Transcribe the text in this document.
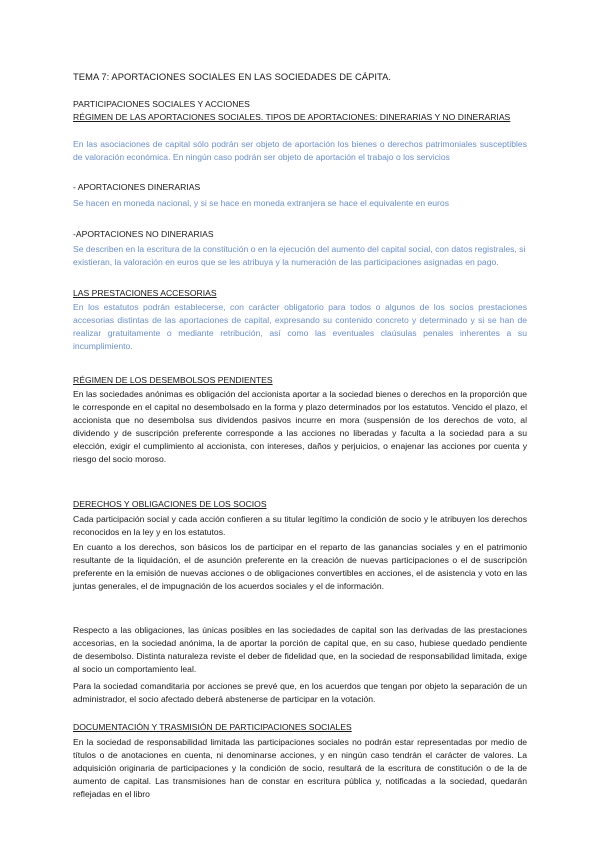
TEMA 7: APORTACIONES SOCIALES EN LAS SOCIEDADES DE CÁPITA.
PARTICIPACIONES SOCIALES Y ACCIONES
RÉGIMEN DE LAS APORTACIONES SOCIALES. TIPOS DE APORTACIONES: DINERARIAS Y NO DINERARIAS
En las asociaciones de capital sólo podrán ser objeto de aportación los bienes o derechos patrimoniales susceptibles de valoración económica. En ningún caso podrán ser objeto de aportación el trabajo o los servicios
- APORTACIONES DINERARIAS
Se hacen en moneda nacional, y si se hace en moneda extranjera se hace el equivalente en euros
-APORTACIONES NO DINERARIAS
Se describen en la escritura de la constitución o en la ejecución del aumento del capital social, con datos registrales, si existieran, la valoración en euros que se les atribuya y la numeración de las participaciones asignadas en pago.
LAS PRESTACIONES ACCESORIAS
En los estatutos podrán establecerse, con carácter obligatorio para todos o algunos de los socios prestaciones accesorias distintas de las aportaciones de capital, expresando su contenido concreto y determinado y si se han de realizar gratuitamente o mediante retribución, así como las eventuales claúsulas penales inherentes a su incumplimiento.
RÉGIMEN DE LOS DESEMBOLSOS PENDIENTES
En las sociedades anónimas es obligación del accionista aportar a la sociedad bienes o derechos en la proporción que le corresponde en el capital no desembolsado en la forma y plazo determinados por los estatutos. Vencido el plazo, el accionista que no desembolsa sus dividendos pasivos incurre en mora (suspensión de los derechos de voto, al dividendo y de suscripción preferente corresponde a las acciones no liberadas y faculta a la sociedad para a su elección, exigir el cumplimiento al accionista, con intereses, daños y perjuicios, o enajenar las acciones por cuenta y riesgo del socio moroso.
DERECHOS Y OBLIGACIONES DE LOS SOCIOS
Cada participación social y cada acción confieren a su titular legítimo la condición de socio y le atribuyen los derechos reconocidos en la ley y en los estatutos.
En cuanto a los derechos, son básicos los de participar en el reparto de las ganancias sociales y en el patrimonio resultante de la liquidación, el de asunción preferente en la creación de nuevas participaciones o el de suscripción preferente en la emisión de nuevas acciones o de obligaciones convertibles en acciones, el de asistencia y voto en las juntas generales, el de impugnación de los acuerdos sociales y el de información.
Respecto a las obligaciones, las únicas posibles en las sociedades de capital son las derivadas de las prestaciones accesorias, en la sociedad anónima, la de aportar la porción de capital que, en su caso, hubiese quedado pendiente de desembolso. Distinta naturaleza reviste el deber de fidelidad que, en la sociedad de responsabilidad limitada, exige al socio un comportamiento leal.
Para la sociedad comanditaria por acciones se prevé que, en los acuerdos que tengan por objeto la separación de un administrador, el socio afectado deberá abstenerse de participar en la votación.
DOCUMENTACIÓN Y TRASMISIÓN DE PARTICIPACIONES SOCIALES
En la sociedad de responsabilidad limitada las participaciones sociales no podrán estar representadas por medio de títulos o de anotaciones en cuenta, ni denominarse acciones, y en ningún caso tendrán el carácter de valores. La adquisición originaria de participaciones y la condición de socio, resultará de la escritura de constitución o de la de aumento de capital. Las transmisiones han de constar en escritura pública y, notificadas a la sociedad, quedarán reflejadas en el libro
